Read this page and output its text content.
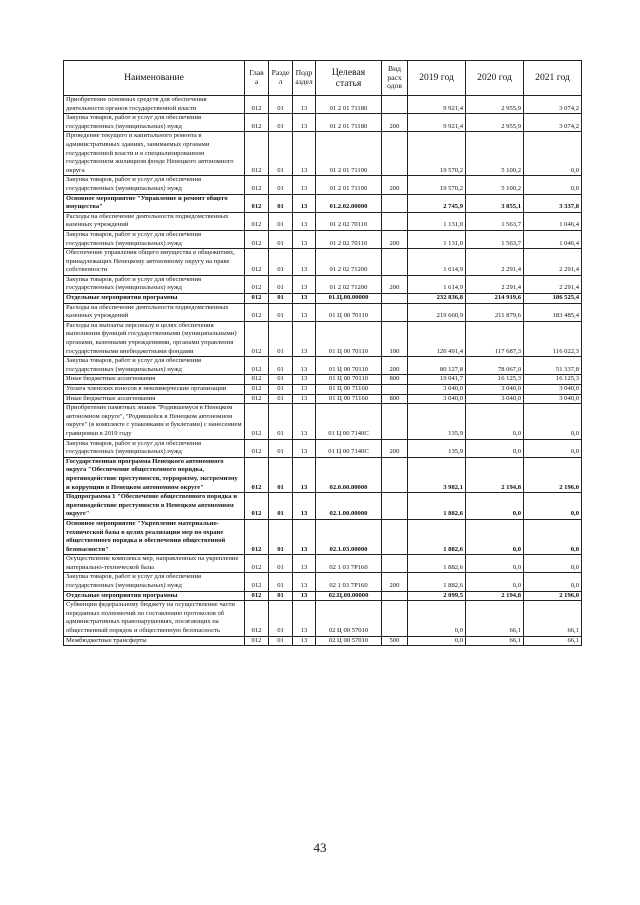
Наименование	Глав а	Разде л	Подр аздел	Целевая статья	Вид расх одов	2019 год	2020 год	2021 год
Приобретение основных средств для обеспечения деятельности органов государственной власти	012	01	13	01 2 01 71180		9 921,4	2 955,9	3 074,2
Закупка товаров, работ и услуг для обеспечения государственных (муниципальных) нужд	012	01	13	01 2 01 71180	200	9 921,4	2 955,9	3 074,2
Проведение текущего и капитального ремонта в административных зданиях, занимаемых органами государственной власти и в специализированном государственном жилищном фонде Ненецкого автономного округа	012	01	13	01 2 01 71190		19 570,2	5 100,2	0,0
Закупка товаров, работ и услуг для обеспечения государственных (муниципальных) нужд	012	01	13	01 2 01 71190	200	19 570,2	5 100,2	0,0
Основное мероприятие "Управление и ремонт общего имущества"	012	01	13	01.2.02.00000		2 745,9	3 855,1	3 337,8
Расходы на обеспечение деятельности подведомственных казенных учреждений	012	01	13	01 2 02 70110		1 131,0	1 563,7	1 046,4
Закупка товаров, работ и услуг для обеспечения государственных (муниципальных) нужд	012	01	13	01 2 02 70110	200	1 131,0	1 563,7	1 046,4
Обеспечение управления общего имущества в общежитиях, принадлежащих Ненецкому автономному округу на праве собственности	012	01	13	01 2 02 71200		1 614,9	2 291,4	2 291,4
Закупка товаров, работ и услуг для обеспечения государственных (муниципальных) нужд	012	01	13	01 2 02 71200	200	1 614,9	2 291,4	2 291,4
Отдельные мероприятия программы	012	01	13	01.Ц.00.00000		232 836,8	214 919,6	186 525,4
Расходы на обеспечение деятельности подведомственных казенных учреждений	012	01	13	01 Ц 00 70110		219 660,9	211 879,6	183 485,4
Расходы на выплаты персоналу в целях обеспечения выполнения функций государственными (муниципальными) органами, казенными учреждениями, органами управления государственными внебюджетными фондами	012	01	13	01 Ц 00 70110	100	120 491,4	117 687,3	116 022,3
Закупка товаров, работ и услуг для обеспечения государственных (муниципальных) нужд	012	01	13	01 Ц 00 70110	200	80 127,8	78 067,0	51 337,8
Иные бюджетные ассигнования	012	01	13	01 Ц 00 70110	800	19 041,7	16 125,3	16 125,3
Уплата членских взносов в некоммерческие организации	012	01	13	01 Ц 00 71160		3 040,0	3 040,0	3 040,0
Иные бюджетные ассигнования	012	01	13	01 Ц 00 71160	800	3 040,0	3 040,0	3 040,0
Приобретение памятных знаков "Родившемуся в Ненецком автономном округе", "Родившейся в Ненецком автономном округе" (в комплекте с упаковками и буклетами) с нанесением гравировки в 2019 году	012	01	13	01 Ц 00 7140С		135,9	0,0	0,0
Закупка товаров, работ и услуг для обеспечения государственных (муниципальных) нужд	012	01	13	01 Ц 00 7140С	200	135,9	0,0	0,0
Государственная программа Ненецкого автономного округа "Обеспечение общественного порядка, противодействие преступности, терроризму, экстремизму и коррупции в Ненецком автономном округе"	012	01	13	02.0.00.00000		3 982,1	2 194,8	2 196,0
Подпрограмма 1 "Обеспечение общественного порядка и противодействие преступности в Ненецком автономном округе"	012	01	13	02.1.00.00000		1 882,6	0,0	0,0
Основное мероприятие "Укрепление материально-технической базы в целях реализации мер по охране общественного порядка и обеспечения общественной безопасности"	012	01	13	02.1.03.00000		1 882,6	0,0	0,0
Осуществление комплекса мер, направленных на укрепление материально-технической базы	012	01	13	02 1 03 7Р160		1 882,6	0,0	0,0
Закупка товаров, работ и услуг для обеспечения государственных (муниципальных) нужд	012	01	13	02 1 03 7Р160	200	1 882,6	0,0	0,0
Отдельные мероприятия программы	012	01	13	02.Ц.00.00000		2 099,5	2 194,8	2 196,0
Субвенции федеральному бюджету на осуществление части переданных полномочий по составлению протоколов об административных правонарушениях, посягающих на общественный порядок и общественную безопасность	012	01	13	02 Ц 00 57010		0,0	66,1	66,1
Межбюджетные трансферты	012	01	13	02 Ц 00 57010	500	0,0	66,1	66,1
43
